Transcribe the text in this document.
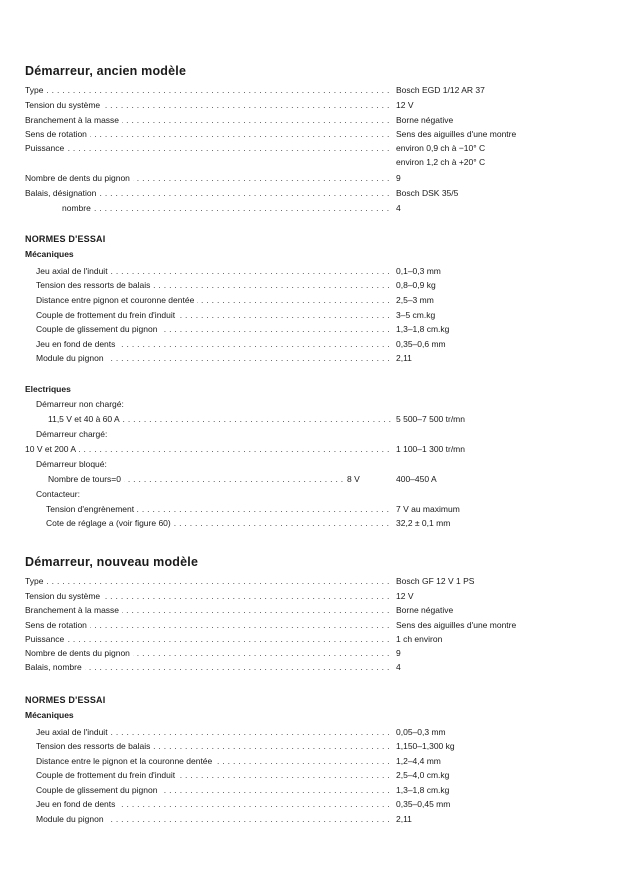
Démarreur, ancien modèle
Type . . .	Bosch EGD 1/12 AR 37
Tension du système . . .	12 V
Branchement à la masse . . .	Borne négative
Sens de rotation . . .	Sens des aiguilles d'une montre
Puissance . . .	environ 0,9 ch à −10° C
environ 1,2 ch à +20° C
Nombre de dents du pignon . . .	9
Balais, désignation . . .	Bosch DSK 35/5
nombre . . .	4
NORMES D'ESSAI
Mécaniques
Jeu axial de l'induit . . .	0,1–0,3 mm
Tension des ressorts de balais . . .	0,8–0,9 kg
Distance entre pignon et couronne dentée . . .	2,5–3 mm
Couple de frottement du frein d'induit . . .	3–5 cm.kg
Couple de glissement du pignon . . .	1,3–1,8 cm.kg
Jeu en fond de dents . . .	0,35–0,6 mm
Module du pignon . . .	2,11
Electriques
Démarreur non chargé:
11,5 V et 40 à 60 A . . .	5 500–7 500 tr/mn
Démarreur chargé:
10 V et 200 A . . .	1 100–1 300 tr/mn
Démarreur bloqué:
Nombre de tours=0 . . .	8 V	400–450 A
Contacteur:
Tension d'engrènement . . .	7 V au maximum
Cote de réglage a (voir figure 60) . . .	32,2 ± 0,1 mm
Démarreur, nouveau modèle
Type . . .	Bosch GF 12 V 1 PS
Tension du système . . .	12 V
Branchement à la masse . . .	Borne négative
Sens de rotation . . .	Sens des aiguilles d'une montre
Puissance . . .	1 ch environ
Nombre de dents du pignon . . .	9
Balais, nombre . . .	4
NORMES D'ESSAI
Mécaniques
Jeu axial de l'induit . . .	0,05–0,3 mm
Tension des ressorts de balais . . .	1,150–1,300 kg
Distance entre le pignon et la couronne dentée . . .	1,2–4,4 mm
Couple de frottement du frein d'induit . . .	2,5–4,0 cm.kg
Couple de glissement du pignon . . .	1,3–1,8 cm.kg
Jeu en fond de dents . . .	0,35–0,45 mm
Module du pignon . . .	2,11
